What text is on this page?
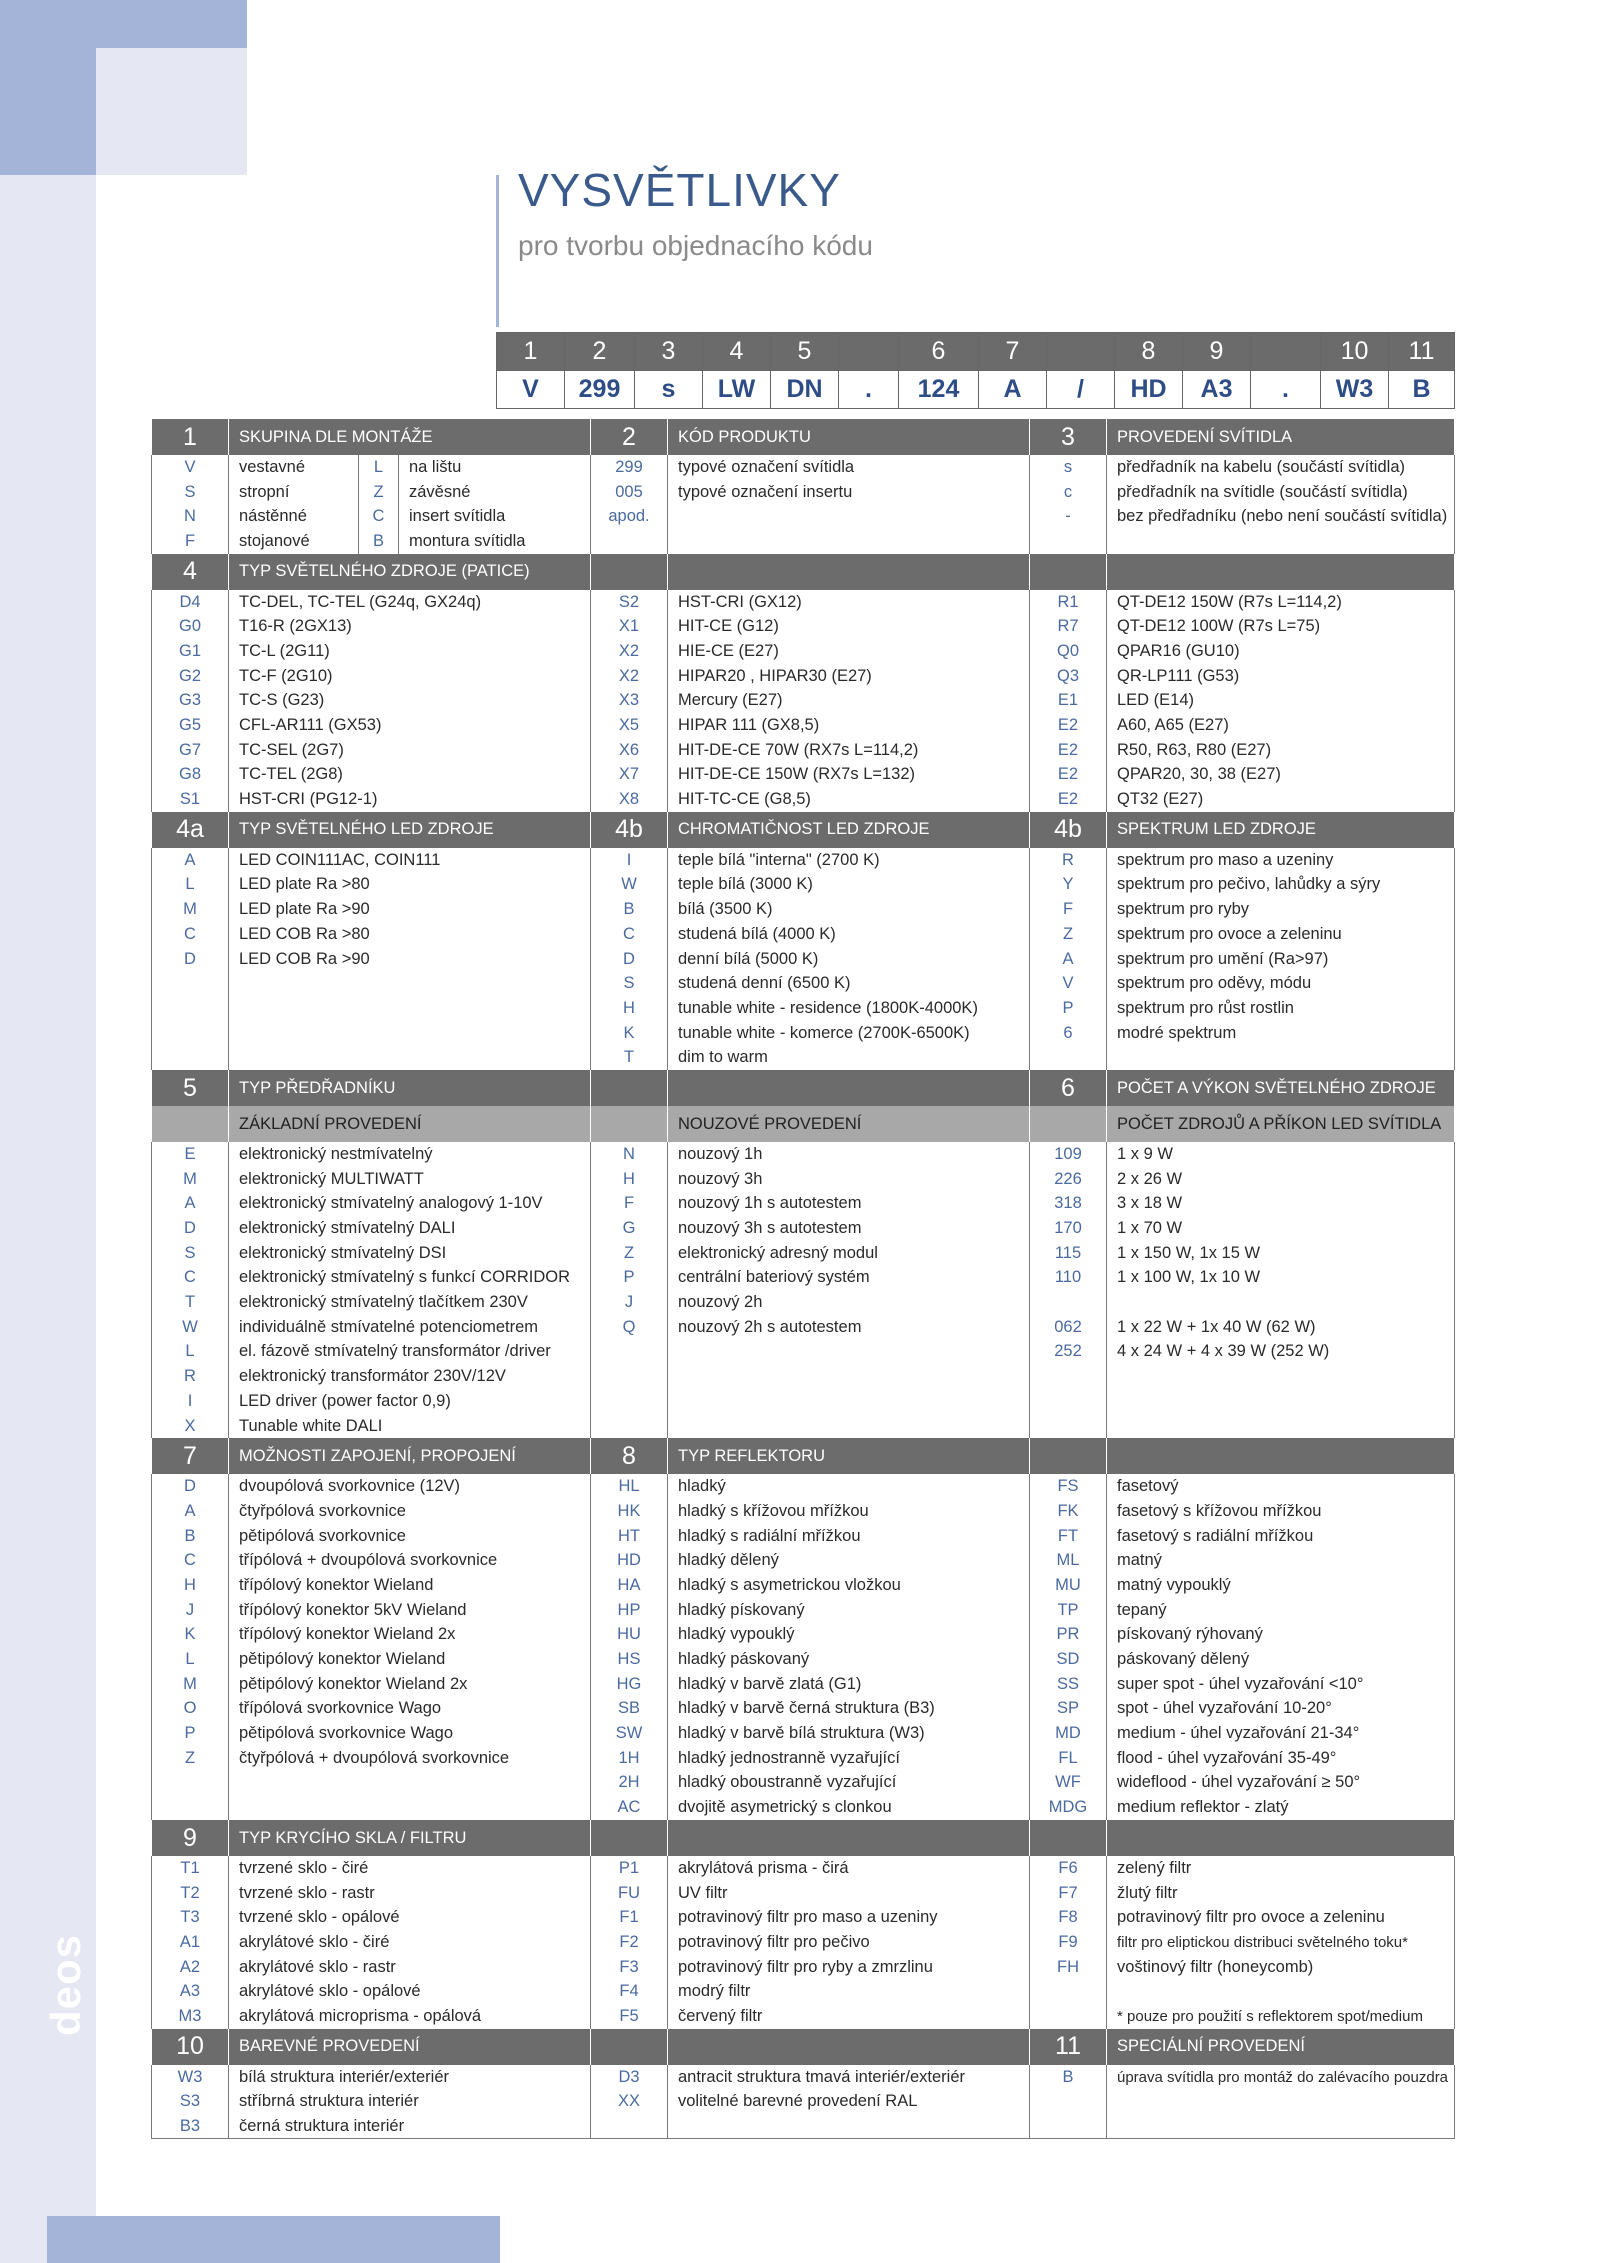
deos
VYSVĚTLIVKY
pro tvorbu objednacího kódu
1	2	3	4	5		6	7		8	9		10	11
V	299	s	LW	DN	.	124	A	/	HD	A3	.	W3	B
1	SKUPINA DLE MONTÁŽE			2	KÓD PRODUKTU	3	PROVEDENÍ SVÍTIDLA
V	vestavné	L	na lištu	299	typové označení svítidla	s	předřadník na kabelu (součástí svítidla)
S	stropní	Z	závěsné	005	typové označení insertu	c	předřadník na svítidle (součástí svítidla)
N	nástěnné	C	insert svítidla	apod.		-	bez předřadníku (nebo není součástí svítidla)
F	stojanové	B	montura svítidla				
4	TYP SVĚTELNÉHO ZDROJE (PATICE)						
D4	TC-DEL, TC-TEL (G24q, GX24q)			S2	HST-CRI (GX12)	R1	QT-DE12 150W (R7s L=114,2)
G0	T16-R (2GX13)			X1	HIT-CE (G12)	R7	QT-DE12 100W (R7s L=75)
G1	TC-L (2G11)			X2	HIE-CE (E27)	Q0	QPAR16 (GU10)
G2	TC-F (2G10)			X2	HIPAR20 , HIPAR30 (E27)	Q3	QR-LP111 (G53)
G3	TC-S (G23)			X3	Mercury (E27)	E1	LED (E14)
G5	CFL-AR111 (GX53)			X5	HIPAR 111 (GX8,5)	E2	A60, A65 (E27)
G7	TC-SEL (2G7)			X6	HIT-DE-CE 70W (RX7s L=114,2)	E2	R50, R63, R80 (E27)
G8	TC-TEL (2G8)			X7	HIT-DE-CE 150W (RX7s L=132)	E2	QPAR20, 30, 38 (E27)
S1	HST-CRI (PG12-1)			X8	HIT-TC-CE (G8,5)	E2	QT32 (E27)
4a	TYP SVĚTELNÉHO LED ZDROJE			4b	CHROMATIČNOST LED ZDROJE	4b	SPEKTRUM LED ZDROJE
A	LED COIN111AC, COIN111			I	teple bílá "interna" (2700 K)	R	spektrum pro maso a uzeniny
L	LED plate Ra >80			W	teple bílá (3000 K)	Y	spektrum pro pečivo, lahůdky a sýry
M	LED plate Ra >90			B	bílá (3500 K)	F	spektrum pro ryby
C	LED COB Ra >80			C	studená bílá (4000 K)	Z	spektrum pro ovoce a zeleninu
D	LED COB Ra >90			D	denní bílá (5000 K)	A	spektrum pro umění (Ra>97)
				S	studená denní (6500 K)	V	spektrum pro oděvy, módu
				H	tunable white - residence (1800K-4000K)	P	spektrum pro růst rostlin
				K	tunable white - komerce (2700K-6500K)	6	modré spektrum
				T	dim to warm		
5	TYP PŘEDŘADNÍKU					6	POČET A VÝKON SVĚTELNÉHO ZDROJE
	ZÁKLADNÍ PROVEDENÍ				NOUZOVÉ PROVEDENÍ		POČET ZDROJŮ A PŘÍKON LED SVÍTIDLA
E	elektronický nestmívatelný			N	nouzový 1h	109	1 x 9 W
M	elektronický MULTIWATT			H	nouzový 3h	226	2 x 26 W
A	elektronický stmívatelný analogový 1-10V			F	nouzový 1h s autotestem	318	3 x 18 W
D	elektronický stmívatelný DALI			G	nouzový 3h s autotestem	170	1 x 70 W
S	elektronický stmívatelný DSI			Z	elektronický adresný modul	115	1 x 150 W, 1x 15 W
C	elektronický stmívatelný s funkcí CORRIDOR			P	centrální bateriový systém	110	1 x 100 W, 1x 10 W
T	elektronický stmívatelný tlačítkem 230V			J	nouzový 2h		
W	individuálně stmívatelné potenciometrem			Q	nouzový 2h s autotestem	062	1 x 22 W + 1x 40 W (62 W)
L	el. fázově stmívatelný transformátor /driver					252	4 x 24 W + 4 x 39 W (252 W)
R	elektronický transformátor 230V/12V						
I	LED driver (power factor 0,9)						
X	Tunable white DALI						
7	MOŽNOSTI ZAPOJENÍ, PROPOJENÍ			8	TYP REFLEKTORU		
D	dvoupólová svorkovnice (12V)			HL	hladký	FS	fasetový
A	čtyřpólová svorkovnice			HK	hladký s křížovou mřížkou	FK	fasetový s křížovou mřížkou
B	pětipólová svorkovnice			HT	hladký s radiální mřížkou	FT	fasetový s radiální mřížkou
C	třípólová + dvoupólová svorkovnice			HD	hladký dělený	ML	matný
H	třípólový konektor Wieland			HA	hladký s asymetrickou vložkou	MU	matný vypouklý
J	třípólový konektor 5kV Wieland			HP	hladký pískovaný	TP	tepaný
K	třípólový konektor Wieland 2x			HU	hladký vypouklý	PR	pískovaný rýhovaný
L	pětipólový konektor Wieland			HS	hladký páskovaný	SD	páskovaný dělený
M	pětipólový konektor Wieland 2x			HG	hladký v barvě zlatá (G1)	SS	super spot - úhel vyzařování <10°
O	třípólová svorkovnice Wago			SB	hladký v barvě černá struktura (B3)	SP	spot - úhel vyzařování 10-20°
P	pětipólová svorkovnice Wago			SW	hladký v barvě bílá struktura (W3)	MD	medium - úhel vyzařování 21-34°
Z	čtyřpólová + dvoupólová svorkovnice			1H	hladký jednostranně vyzařující	FL	flood - úhel vyzařování 35-49°
				2H	hladký oboustranně vyzařující	WF	wideflood - úhel vyzařování ≥ 50°
				AC	dvojitě asymetrický s clonkou	MDG	medium reflektor - zlatý
9	TYP KRYCÍHO SKLA / FILTRU						
T1	tvrzené sklo - čiré			P1	akrylátová prisma - čirá	F6	zelený filtr
T2	tvrzené sklo - rastr			FU	UV filtr	F7	žlutý filtr
T3	tvrzené sklo - opálové			F1	potravinový filtr pro maso a uzeniny	F8	potravinový filtr pro ovoce a zeleninu
A1	akrylátové sklo - čiré			F2	potravinový filtr pro pečivo	F9	filtr pro eliptickou distribuci světelného toku*
A2	akrylátové sklo - rastr			F3	potravinový filtr pro ryby a zmrzlinu	FH	voštinový filtr (honeycomb)
A3	akrylátové sklo - opálové			F4	modrý filtr		
M3	akrylátová microprisma - opálová			F5	červený filtr		* pouze pro použití s reflektorem spot/medium
10	BAREVNÉ PROVEDENÍ					11	SPECIÁLNÍ PROVEDENÍ
W3	bílá struktura interiér/exteriér			D3	antracit struktura tmavá interiér/exteriér	B	úprava svítidla pro montáž do zalévacího pouzdra
S3	stříbrná struktura interiér			XX	volitelné barevné provedení RAL		
B3	černá struktura interiér						
